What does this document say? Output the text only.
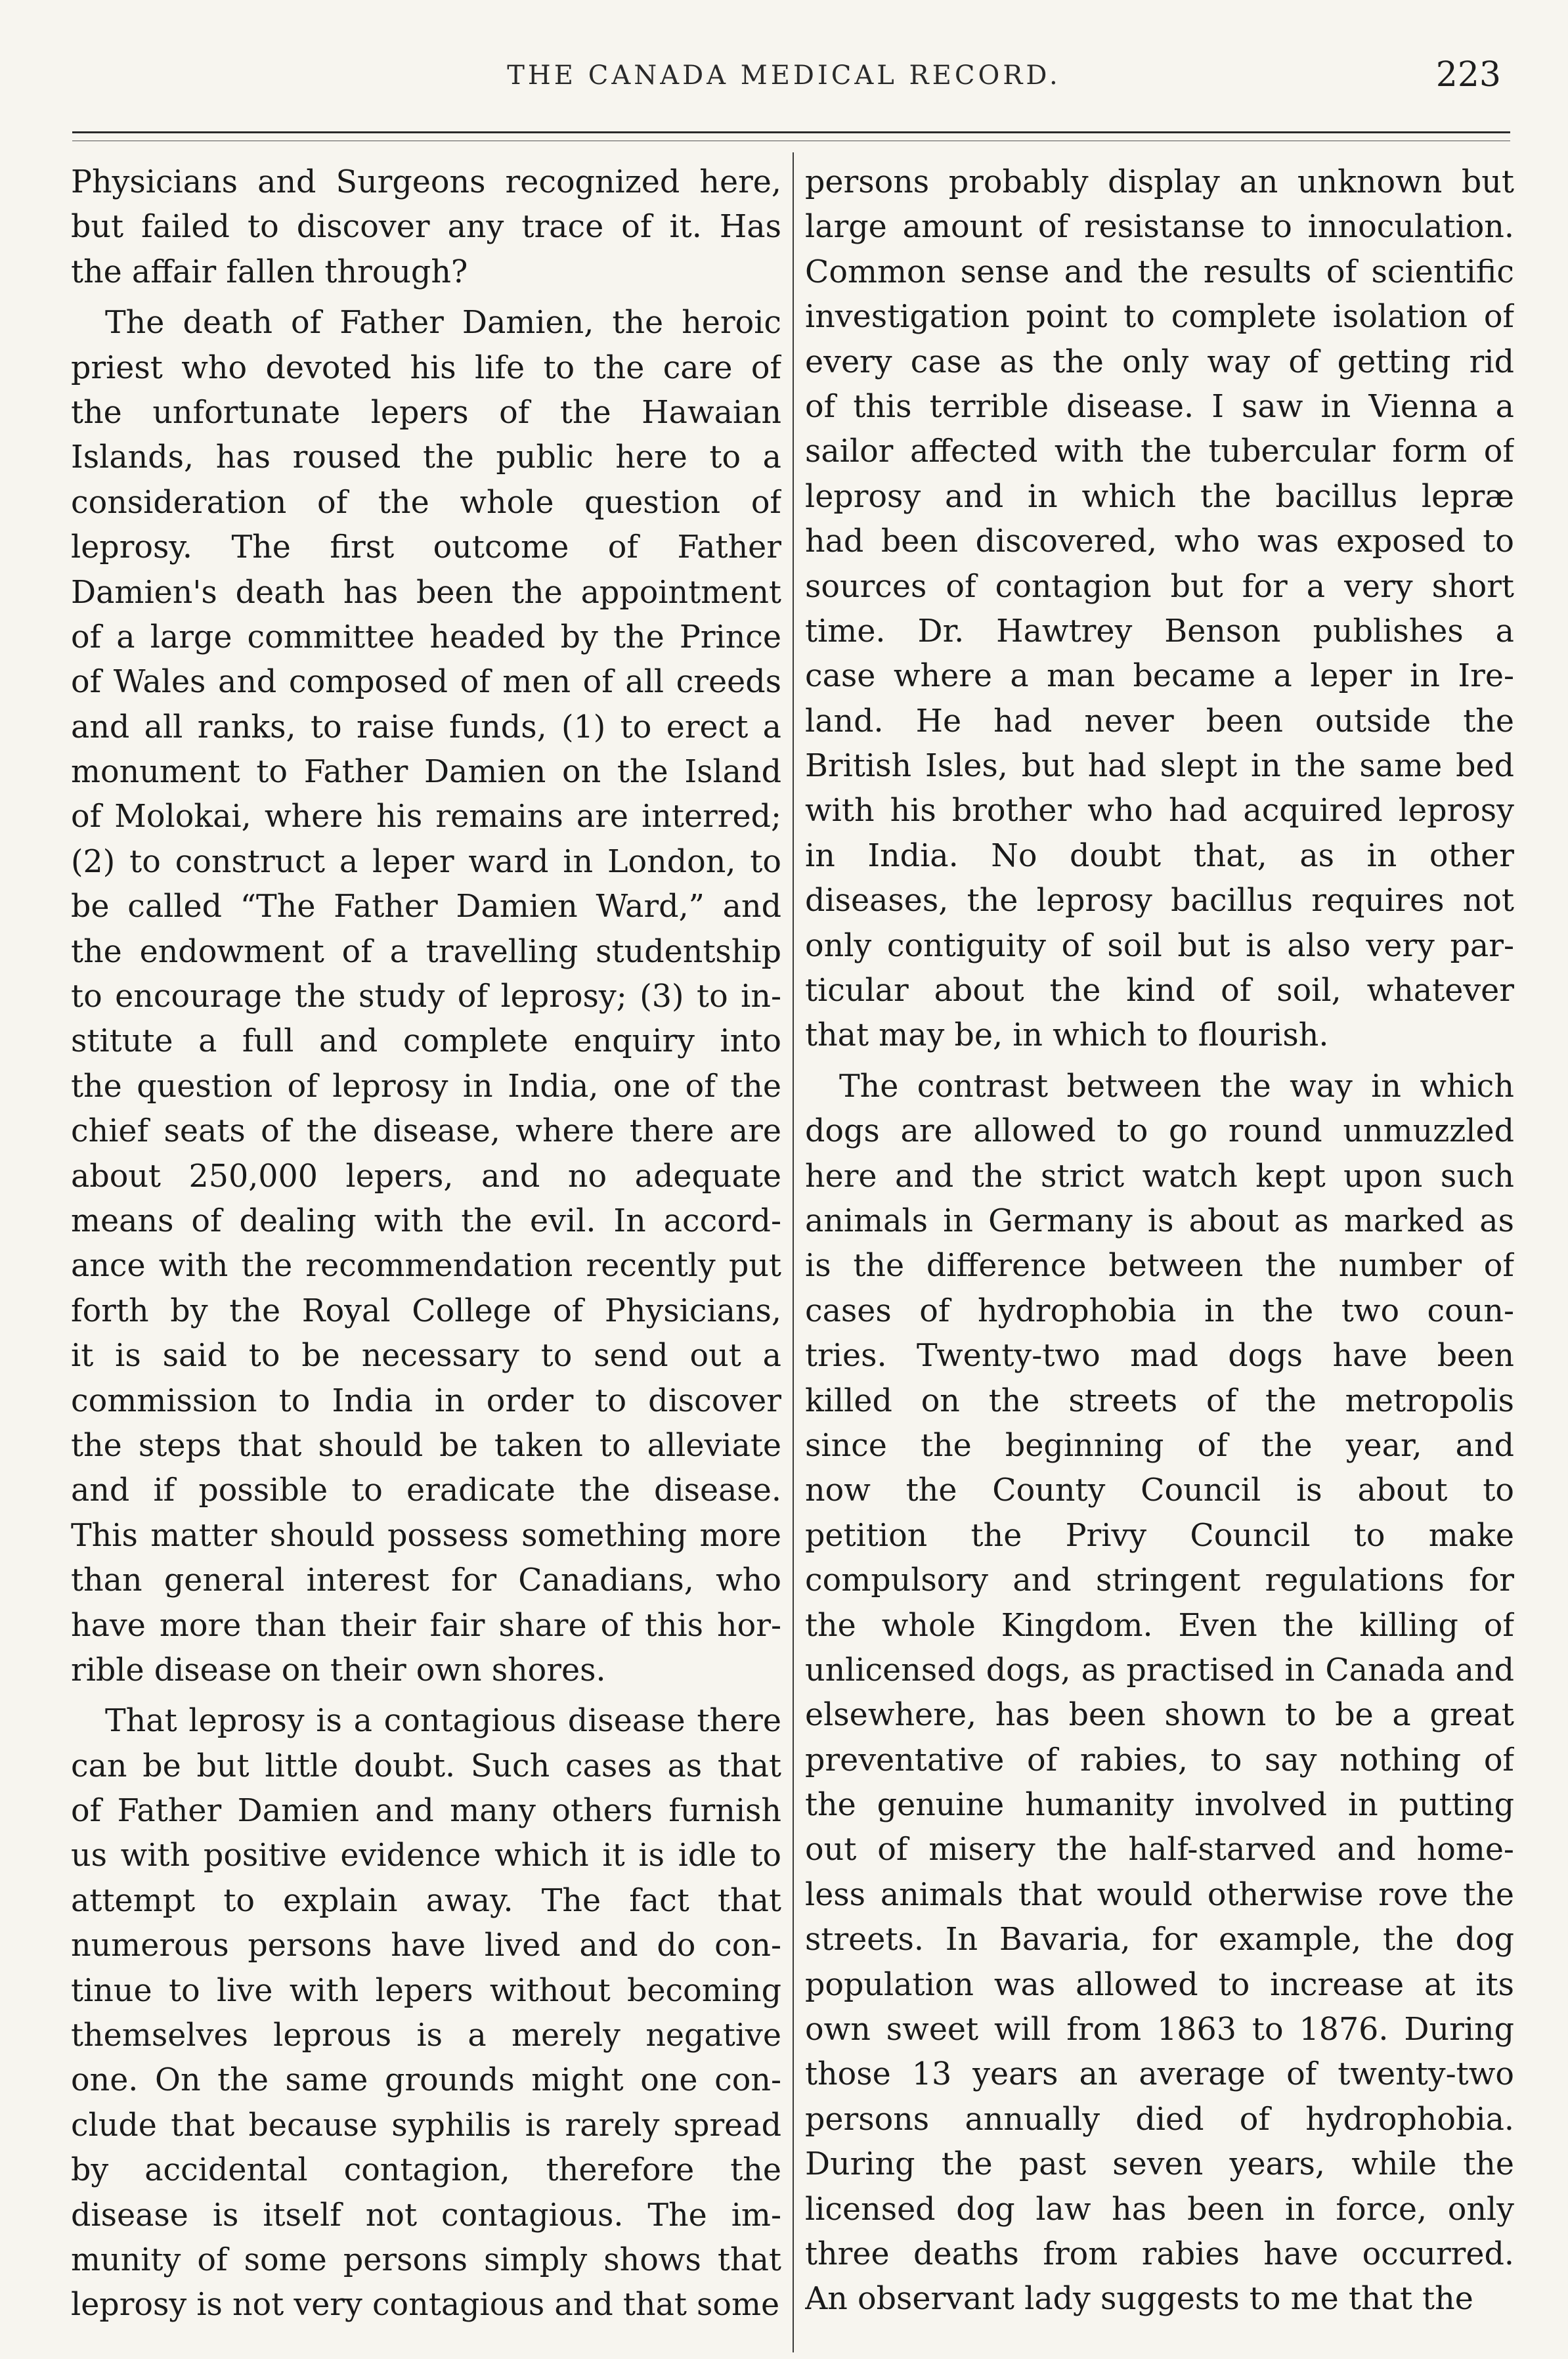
THE CANADA MEDICAL RECORD.	223
Physicians and Surgeons recognized here,
but failed to discover any trace of it. Has
the affair fallen through?
The death of Father Damien, the heroic
priest who devoted his life to the care of
the unfortunate lepers of the Hawaian
Islands, has roused the public here to a
consideration of the whole question of
leprosy. The first outcome of Father
Damien's death has been the appointment
of a large committee headed by the Prince
of Wales and composed of men of all creeds
and all ranks, to raise funds, (1) to erect a
monument to Father Damien on the Island
of Molokai, where his remains are interred;
(2) to construct a leper ward in London, to
be called “The Father Damien Ward,” and
the endowment of a travelling studentship
to encourage the study of leprosy; (3) to in-
stitute a full and complete enquiry into
the question of leprosy in India, one of the
chief seats of the disease, where there are
about 250,000 lepers, and no adequate
means of dealing with the evil. In accord-
ance with the recommendation recently put
forth by the Royal College of Physicians,
it is said to be necessary to send out a
commission to India in order to discover
the steps that should be taken to alleviate
and if possible to eradicate the disease.
This matter should possess something more
than general interest for Canadians, who
have more than their fair share of this hor-
rible disease on their own shores.
That leprosy is a contagious disease there
can be but little doubt. Such cases as that
of Father Damien and many others furnish
us with positive evidence which it is idle to
attempt to explain away. The fact that
numerous persons have lived and do con-
tinue to live with lepers without becoming
themselves leprous is a merely negative
one. On the same grounds might one con-
clude that because syphilis is rarely spread
by accidental contagion, therefore the
disease is itself not contagious. The im-
munity of some persons simply shows that
leprosy is not very contagious and that some
persons probably display an unknown but
large amount of resistanse to innoculation.
Common sense and the results of scientific
investigation point to complete isolation of
every case as the only way of getting rid
of this terrible disease. I saw in Vienna a
sailor affected with the tubercular form of
leprosy and in which the bacillus lepræ
had been discovered, who was exposed to
sources of contagion but for a very short
time. Dr. Hawtrey Benson publishes a
case where a man became a leper in Ire-
land. He had never been outside the
British Isles, but had slept in the same bed
with his brother who had acquired leprosy
in India. No doubt that, as in other
diseases, the leprosy bacillus requires not
only contiguity of soil but is also very par-
ticular about the kind of soil, whatever
that may be, in which to flourish.
The contrast between the way in which
dogs are allowed to go round unmuzzled
here and the strict watch kept upon such
animals in Germany is about as marked as
is the difference between the number of
cases of hydrophobia in the two coun-
tries. Twenty-two mad dogs have been
killed on the streets of the metropolis
since the beginning of the year, and
now the County Council is about to
petition the Privy Council to make
compulsory and stringent regulations for
the whole Kingdom. Even the killing of
unlicensed dogs, as practised in Canada and
elsewhere, has been shown to be a great
preventative of rabies, to say nothing of
the genuine humanity involved in putting
out of misery the half-starved and home-
less animals that would otherwise rove the
streets. In Bavaria, for example, the dog
population was allowed to increase at its
own sweet will from 1863 to 1876. During
those 13 years an average of twenty-two
persons annually died of hydrophobia.
During the past seven years, while the
licensed dog law has been in force, only
three deaths from rabies have occurred.
An observant lady suggests to me that the
